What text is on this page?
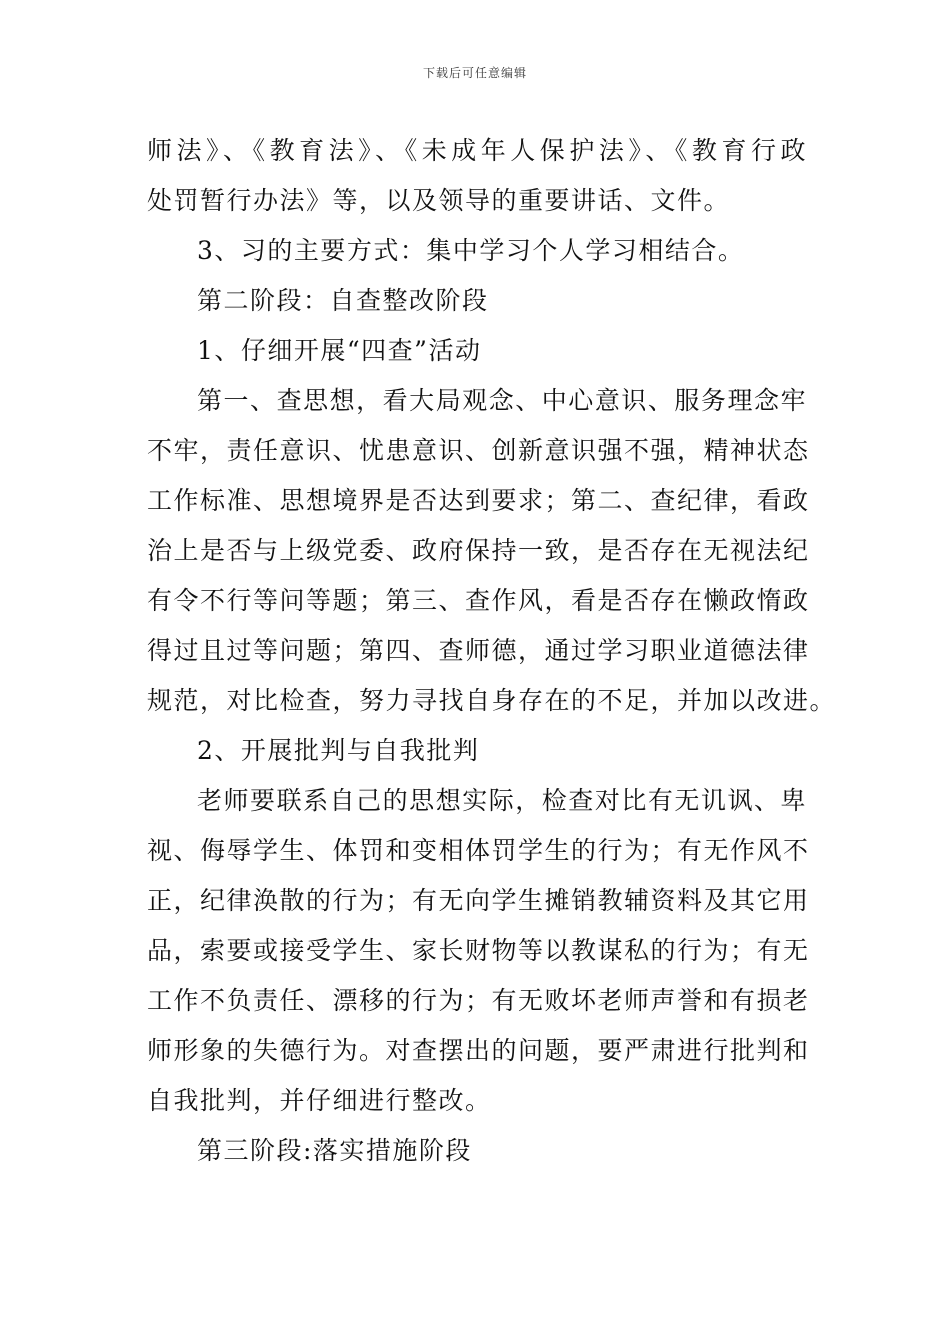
下载后可任意编辑

师法》、《教育法》、《未成年人保护法》、《教育行政

处罚暂行办法》等，以及领导的重要讲话、文件。

3、习的主要方式：集中学习个人学习相结合。

第二阶段：自查整改阶段

1、仔细开展“四查”活动

第一、查思想，看大局观念、中心意识、服务理念牢

不牢，责任意识、忧患意识、创新意识强不强，精神状态

工作标准、思想境界是否达到要求；第二、查纪律，看政

治上是否与上级党委、政府保持一致，是否存在无视法纪

有令不行等问等题；第三、查作风，看是否存在懒政惰政

得过且过等问题；第四、查师德，通过学习职业道德法律

规范，对比检查，努力寻找自身存在的不足，并加以改进。

2、开展批判与自我批判

老师要联系自己的思想实际，检查对比有无讥讽、卑

视、侮辱学生、体罚和变相体罚学生的行为；有无作风不

正，纪律涣散的行为；有无向学生摊销教辅资料及其它用

品，索要或接受学生、家长财物等以教谋私的行为；有无

工作不负责任、漂移的行为；有无败坏老师声誉和有损老

师形象的失德行为。对查摆出的问题，要严肃进行批判和

自我批判，并仔细进行整改。

第三阶段:落实措施阶段
